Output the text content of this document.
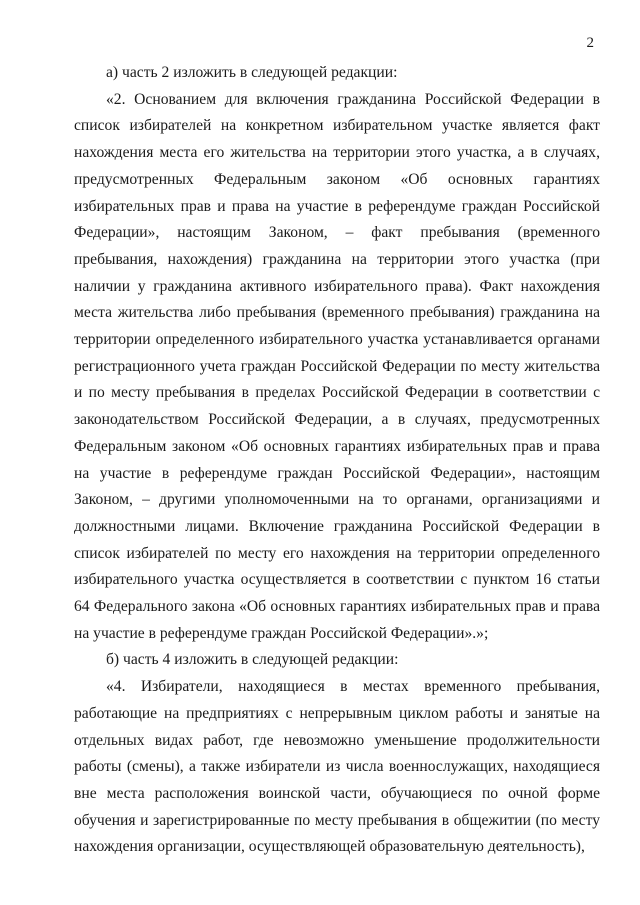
2

а) часть 2 изложить в следующей редакции:

«2. Основанием для включения гражданина Российской Федерации в список избирателей на конкретном избирательном участке является факт нахождения места его жительства на территории этого участка, а в случаях, предусмотренных Федеральным законом «Об основных гарантиях избирательных прав и права на участие в референдуме граждан Российской Федерации», настоящим Законом, – факт пребывания (временного пребывания, нахождения) гражданина на территории этого участка (при наличии у гражданина активного избирательного права). Факт нахождения места жительства либо пребывания (временного пребывания) гражданина на территории определенного избирательного участка устанавливается органами регистрационного учета граждан Российской Федерации по месту жительства и по месту пребывания в пределах Российской Федерации в соответствии с законодательством Российской Федерации, а в случаях, предусмотренных Федеральным законом «Об основных гарантиях избирательных прав и права на участие в референдуме граждан Российской Федерации», настоящим Законом, – другими уполномоченными на то органами, организациями и должностными лицами. Включение гражданина Российской Федерации в список избирателей по месту его нахождения на территории определенного избирательного участка осуществляется в соответствии с пунктом 16 статьи 64 Федерального закона «Об основных гарантиях избирательных прав и права на участие в референдуме граждан Российской Федерации».»;

б) часть 4 изложить в следующей редакции:

«4. Избиратели, находящиеся в местах временного пребывания, работающие на предприятиях с непрерывным циклом работы и занятые на отдельных видах работ, где невозможно уменьшение продолжительности работы (смены), а также избиратели из числа военнослужащих, находящиеся вне места расположения воинской части, обучающиеся по очной форме обучения и зарегистрированные по месту пребывания в общежитии (по месту нахождения организации, осуществляющей образовательную деятельность),
